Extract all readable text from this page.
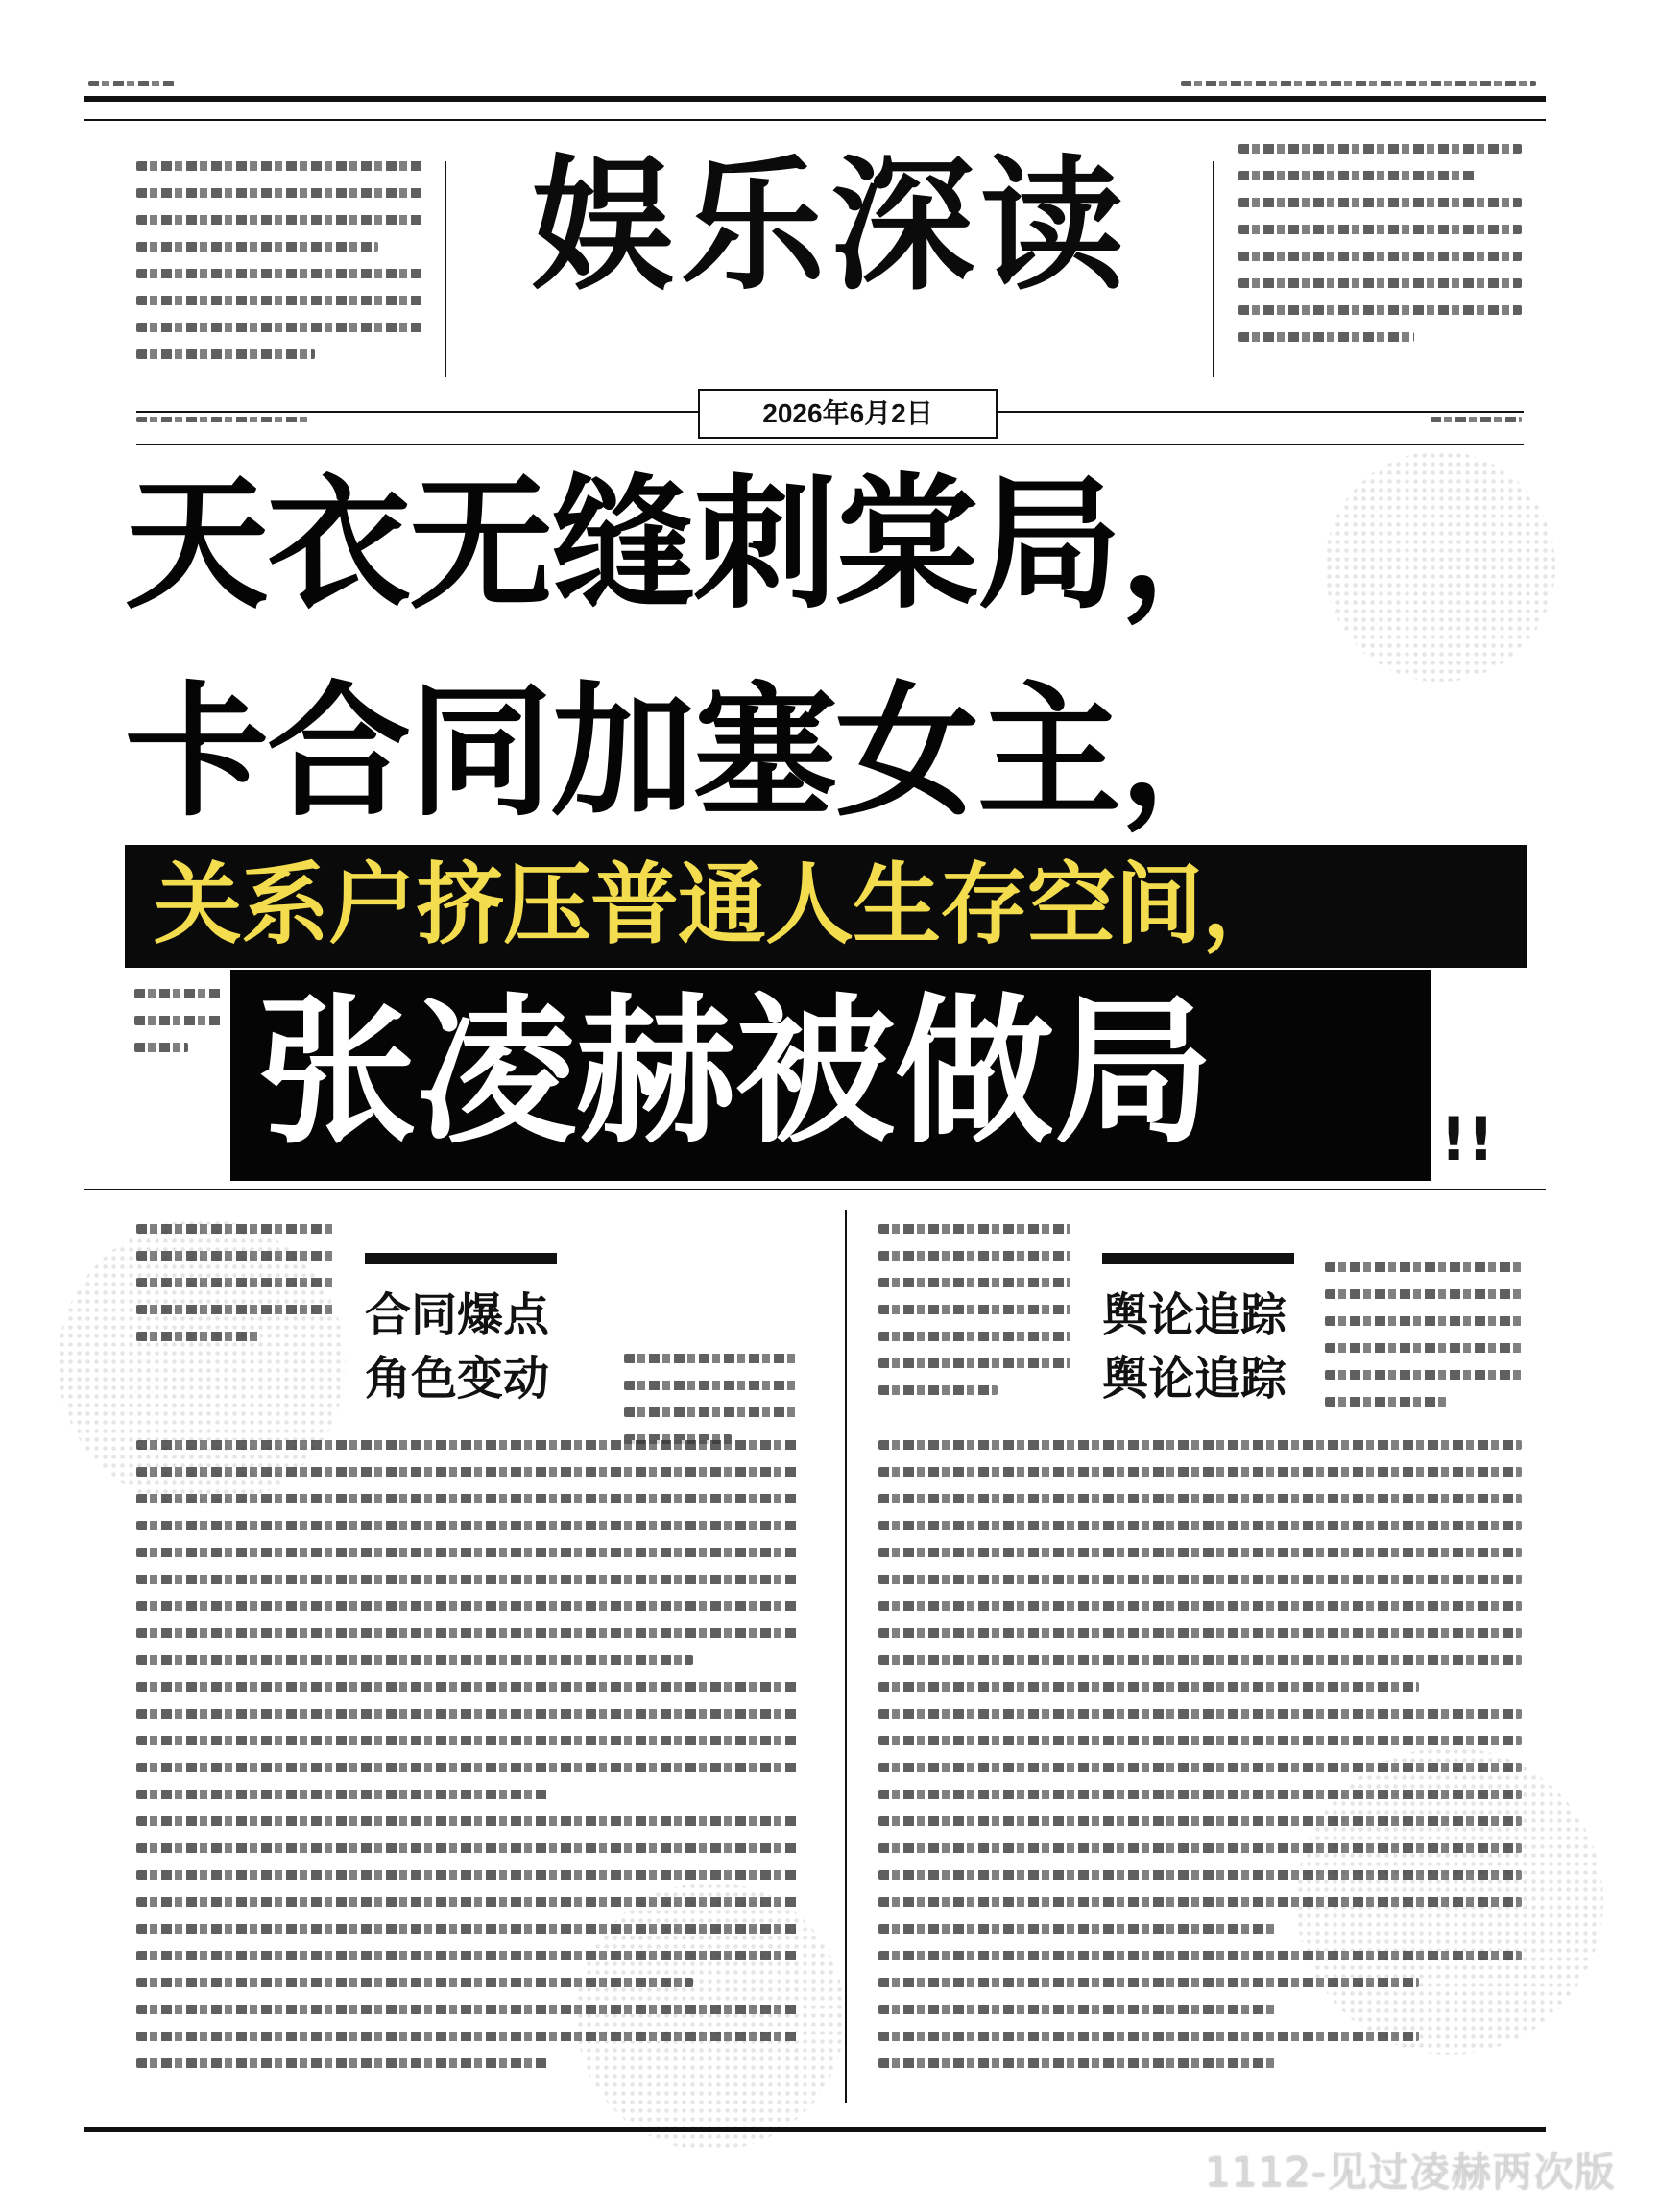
娱乐深读
2026年6月2日
天衣无缝刺棠局，
卡合同加塞女主，
关系户挤压普通人生存空间，
张凌赫被做局	!!
合同爆点
角色变动
舆论追踪
舆论追踪
1112-见过凌赫两次版
